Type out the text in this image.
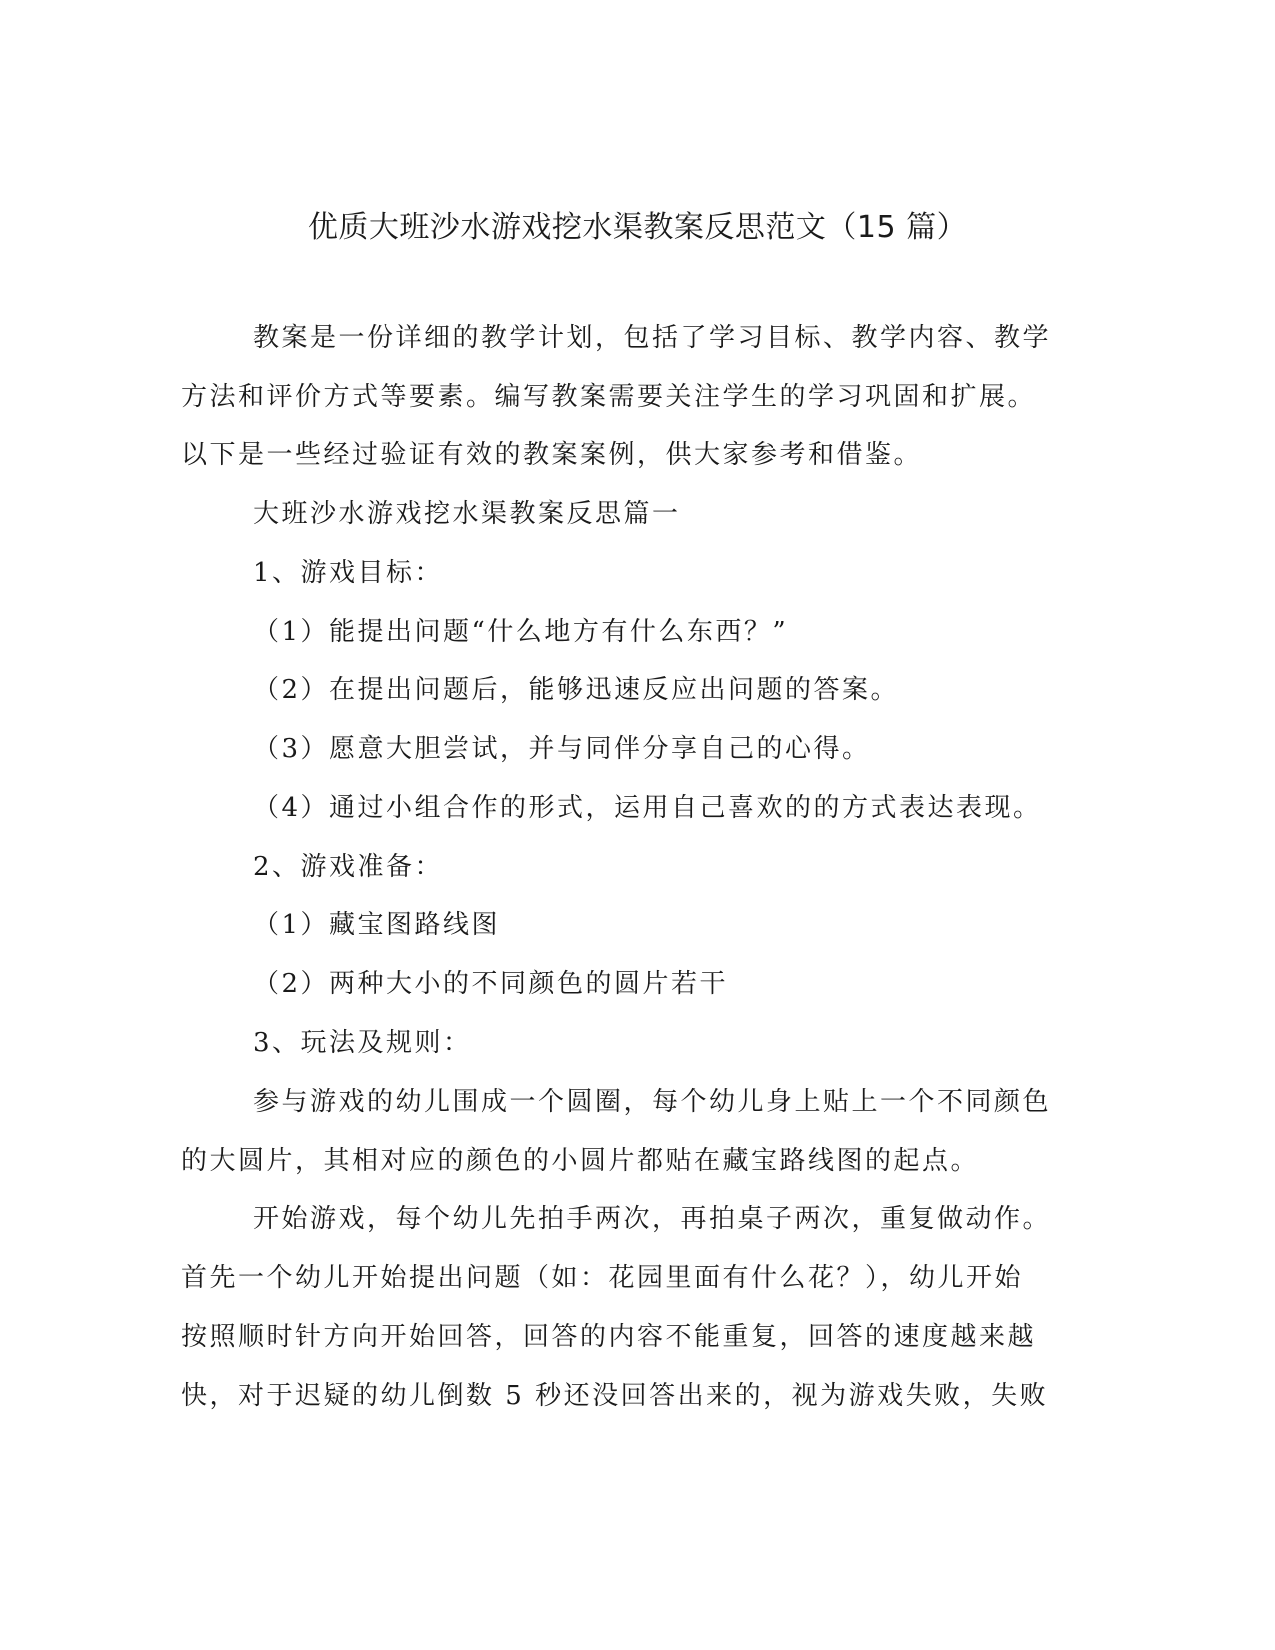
优质大班沙水游戏挖水渠教案反思范文（15 篇）
教案是一份详细的教学计划，包括了学习目标、教学内容、教学
方法和评价方式等要素。编写教案需要关注学生的学习巩固和扩展。
以下是一些经过验证有效的教案案例，供大家参考和借鉴。
大班沙水游戏挖水渠教案反思篇一
1、游戏目标：
（1）能提出问题“什么地方有什么东西？”
（2）在提出问题后，能够迅速反应出问题的答案。
（3）愿意大胆尝试，并与同伴分享自己的心得。
（4）通过小组合作的形式，运用自己喜欢的的方式表达表现。
2、游戏准备：
（1）藏宝图路线图
（2）两种大小的不同颜色的圆片若干
3、玩法及规则：
参与游戏的幼儿围成一个圆圈，每个幼儿身上贴上一个不同颜色
的大圆片，其相对应的颜色的小圆片都贴在藏宝路线图的起点。
开始游戏，每个幼儿先拍手两次，再拍桌子两次，重复做动作。
首先一个幼儿开始提出问题（如：花园里面有什么花？），幼儿开始
按照顺时针方向开始回答，回答的内容不能重复，回答的速度越来越
快，对于迟疑的幼儿倒数 5 秒还没回答出来的，视为游戏失败，失败
